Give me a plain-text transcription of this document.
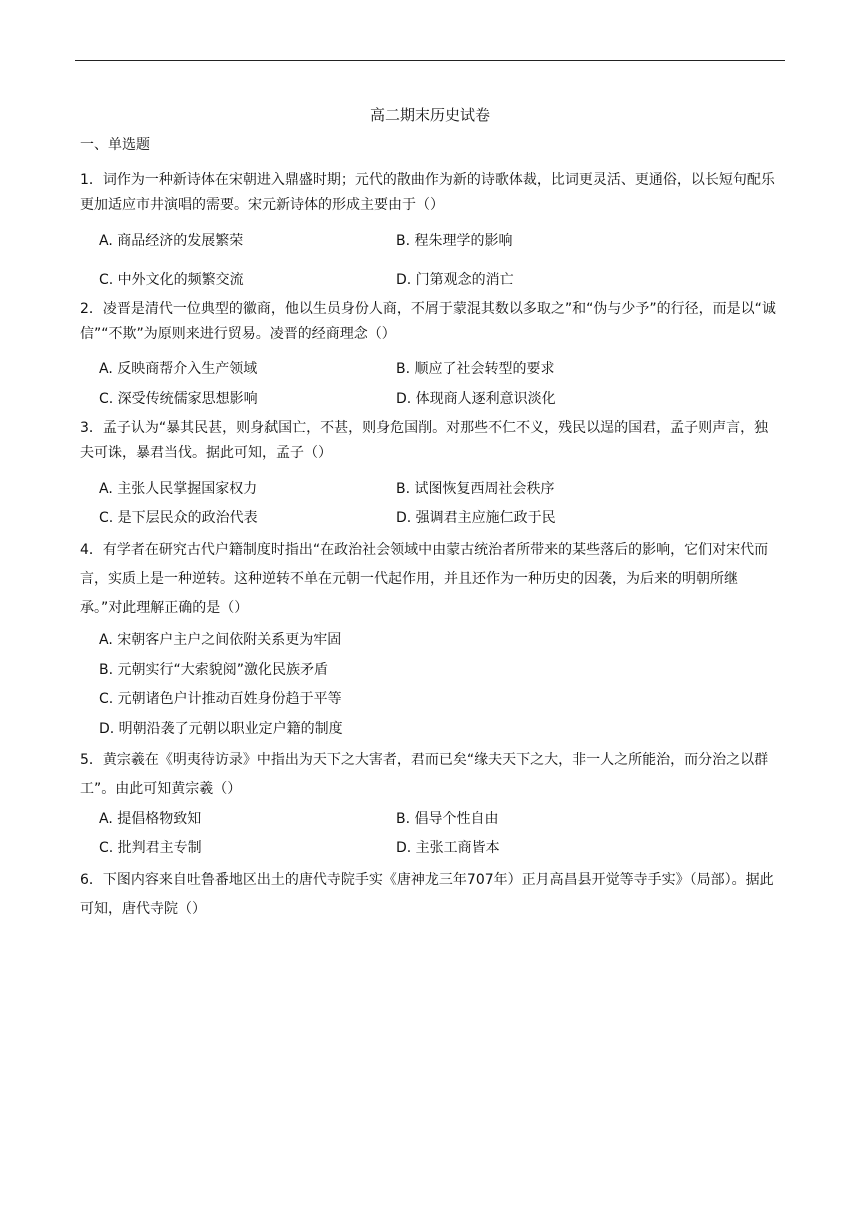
高二期末历史试卷
一、单选题
1．词作为一种新诗体在宋朝进入鼎盛时期；元代的散曲作为新的诗歌体裁，比词更灵活、更通俗，以长短句配乐更加适应市井演唱的需要。宋元新诗体的形成主要由于（）
A. 商品经济的发展繁荣	B. 程朱理学的影响
C. 中外文化的频繁交流	D. 门第观念的消亡
2．凌晋是清代一位典型的徽商，他以生员身份人商，不屑于蒙混其数以多取之”和“伪与少予”的行径，而是以“诚信”“不欺”为原则来进行贸易。凌晋的经商理念（）
A. 反映商帮介入生产领域	B. 顺应了社会转型的要求
C. 深受传统儒家思想影响	D. 体现商人逐利意识淡化
3．孟子认为“暴其民甚，则身弑国亡，不甚，则身危国削。对那些不仁不义，残民以逞的国君，孟子则声言，独夫可诛，暴君当伐。据此可知，孟子（）
A. 主张人民掌握国家权力	B. 试图恢复西周社会秩序
C. 是下层民众的政治代表	D. 强调君主应施仁政于民
4．有学者在研究古代户籍制度时指出“在政治社会领域中由蒙古统治者所带来的某些落后的影响，它们对宋代而言，实质上是一种逆转。这种逆转不单在元朝一代起作用，并且还作为一种历史的因袭，为后来的明朝所继承。”对此理解正确的是（）
A. 宋朝客户主户之间依附关系更为牢固
B. 元朝实行“大索貌阅”激化民族矛盾
C. 元朝诸色户计推动百姓身份趋于平等
D. 明朝沿袭了元朝以职业定户籍的制度
5．黄宗羲在《明夷待访录》中指出为天下之大害者，君而已矣“缘夫天下之大，非一人之所能治，而分治之以群工”。由此可知黄宗羲（）
A. 提倡格物致知	B. 倡导个性自由
C. 批判君主专制	D. 主张工商皆本
6．下图内容来自吐鲁番地区出土的唐代寺院手实《唐神龙三年707年）正月高昌县开觉等寺手实》（局部）。据此可知，唐代寺院（）
